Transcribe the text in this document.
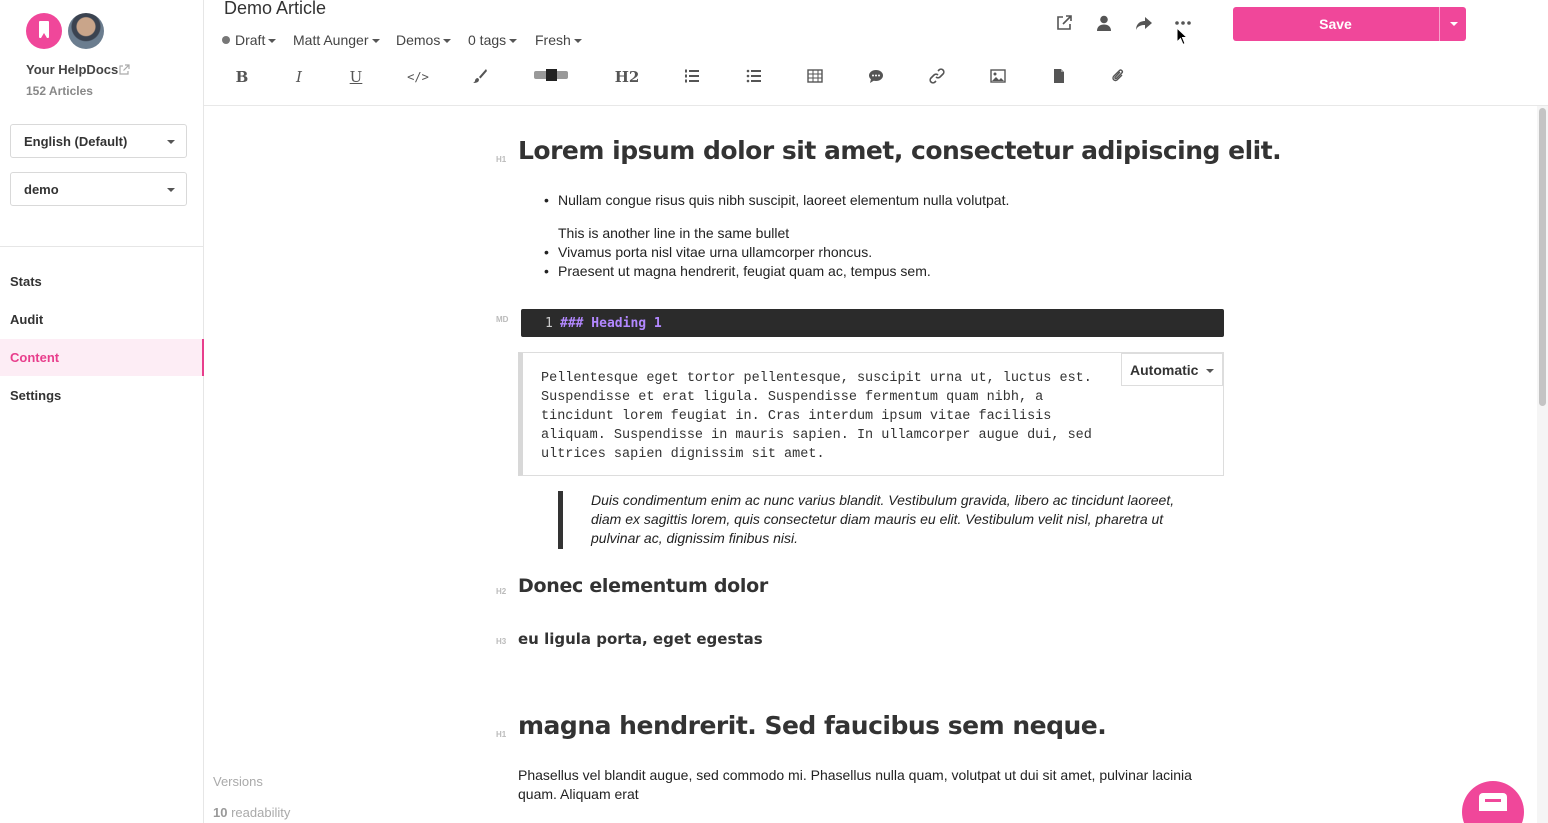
Your HelpDocs
152 Articles
English (Default)
demo
Stats
Audit
Content
Settings
Versions
10 readability
Demo Article
Draft	Matt Aunger	Demos	0 tags	Fresh
Save
B	I	U	</>	H2
H1 Lorem ipsum dolor sit amet, consectetur adipiscing elit.
• Nullam congue risus quis nibh suscipit, laoreet elementum nulla volutpat.
This is another line in the same bullet
• Vivamus porta nisl vitae urna ullamcorper rhoncus.
• Praesent ut magna hendrerit, feugiat quam ac, tempus sem.
MD	1 ### Heading 1
Pellentesque eget tortor pellentesque, suscipit urna ut, luctus est. Suspendisse et erat ligula. Suspendisse fermentum quam nibh, a tincidunt lorem feugiat in. Cras interdum ipsum vitae facilisis aliquam. Suspendisse in mauris sapien. In ullamcorper augue dui, sed ultrices sapien dignissim sit amet.
Automatic
Duis condimentum enim ac nunc varius blandit. Vestibulum gravida, libero ac tincidunt laoreet, diam ex sagittis lorem, quis consectetur diam mauris eu elit. Vestibulum velit nisl, pharetra ut pulvinar ac, dignissim finibus nisi.
H2 Donec elementum dolor
H3 eu ligula porta, eget egestas
H1 magna hendrerit. Sed faucibus sem neque.
Phasellus vel blandit augue, sed commodo mi. Phasellus nulla quam, volutpat ut dui sit amet, pulvinar lacinia quam. Aliquam erat
